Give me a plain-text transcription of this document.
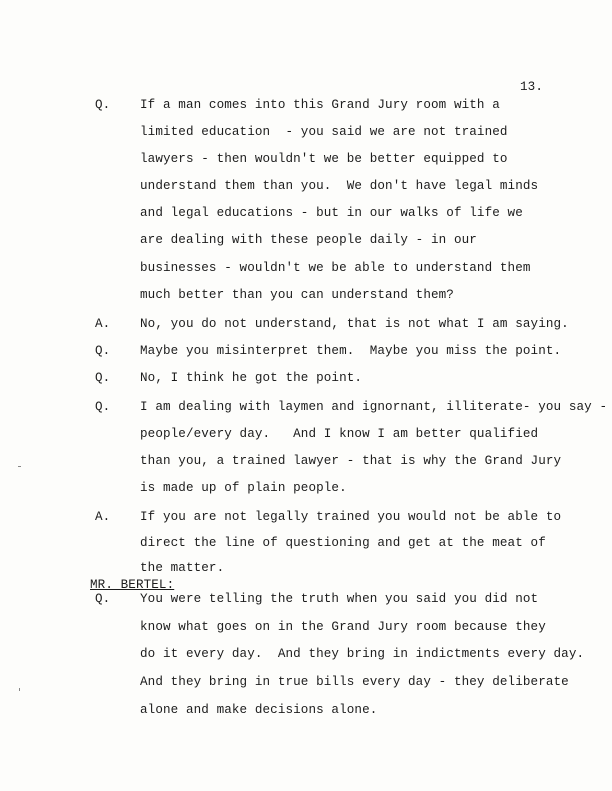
13.
Q. If a man comes into this Grand Jury room with a
limited education  - you said we are not trained
lawyers - then wouldn't we be better equipped to
understand them than you.  We don't have legal minds
and legal educations - but in our walks of life we
are dealing with these people daily - in our
businesses - wouldn't we be able to understand them
much better than you can understand them?
A. No, you do not understand, that is not what I am saying.
Q. Maybe you misinterpret them.  Maybe you miss the point.
Q. No, I think he got the point.
Q. I am dealing with laymen and ignornant, illiterate- you say -
people/every day.   And I know I am better qualified
than you, a trained lawyer - that is why the Grand Jury
is made up of plain people.
A. If you are not legally trained you would not be able to
direct the line of questioning and get at the meat of
the matter.
MR. BERTEL:
Q. You were telling the truth when you said you did not
know what goes on in the Grand Jury room because they
do it every day.  And they bring in indictments every day.
And they bring in true bills every day - they deliberate
alone and make decisions alone.
